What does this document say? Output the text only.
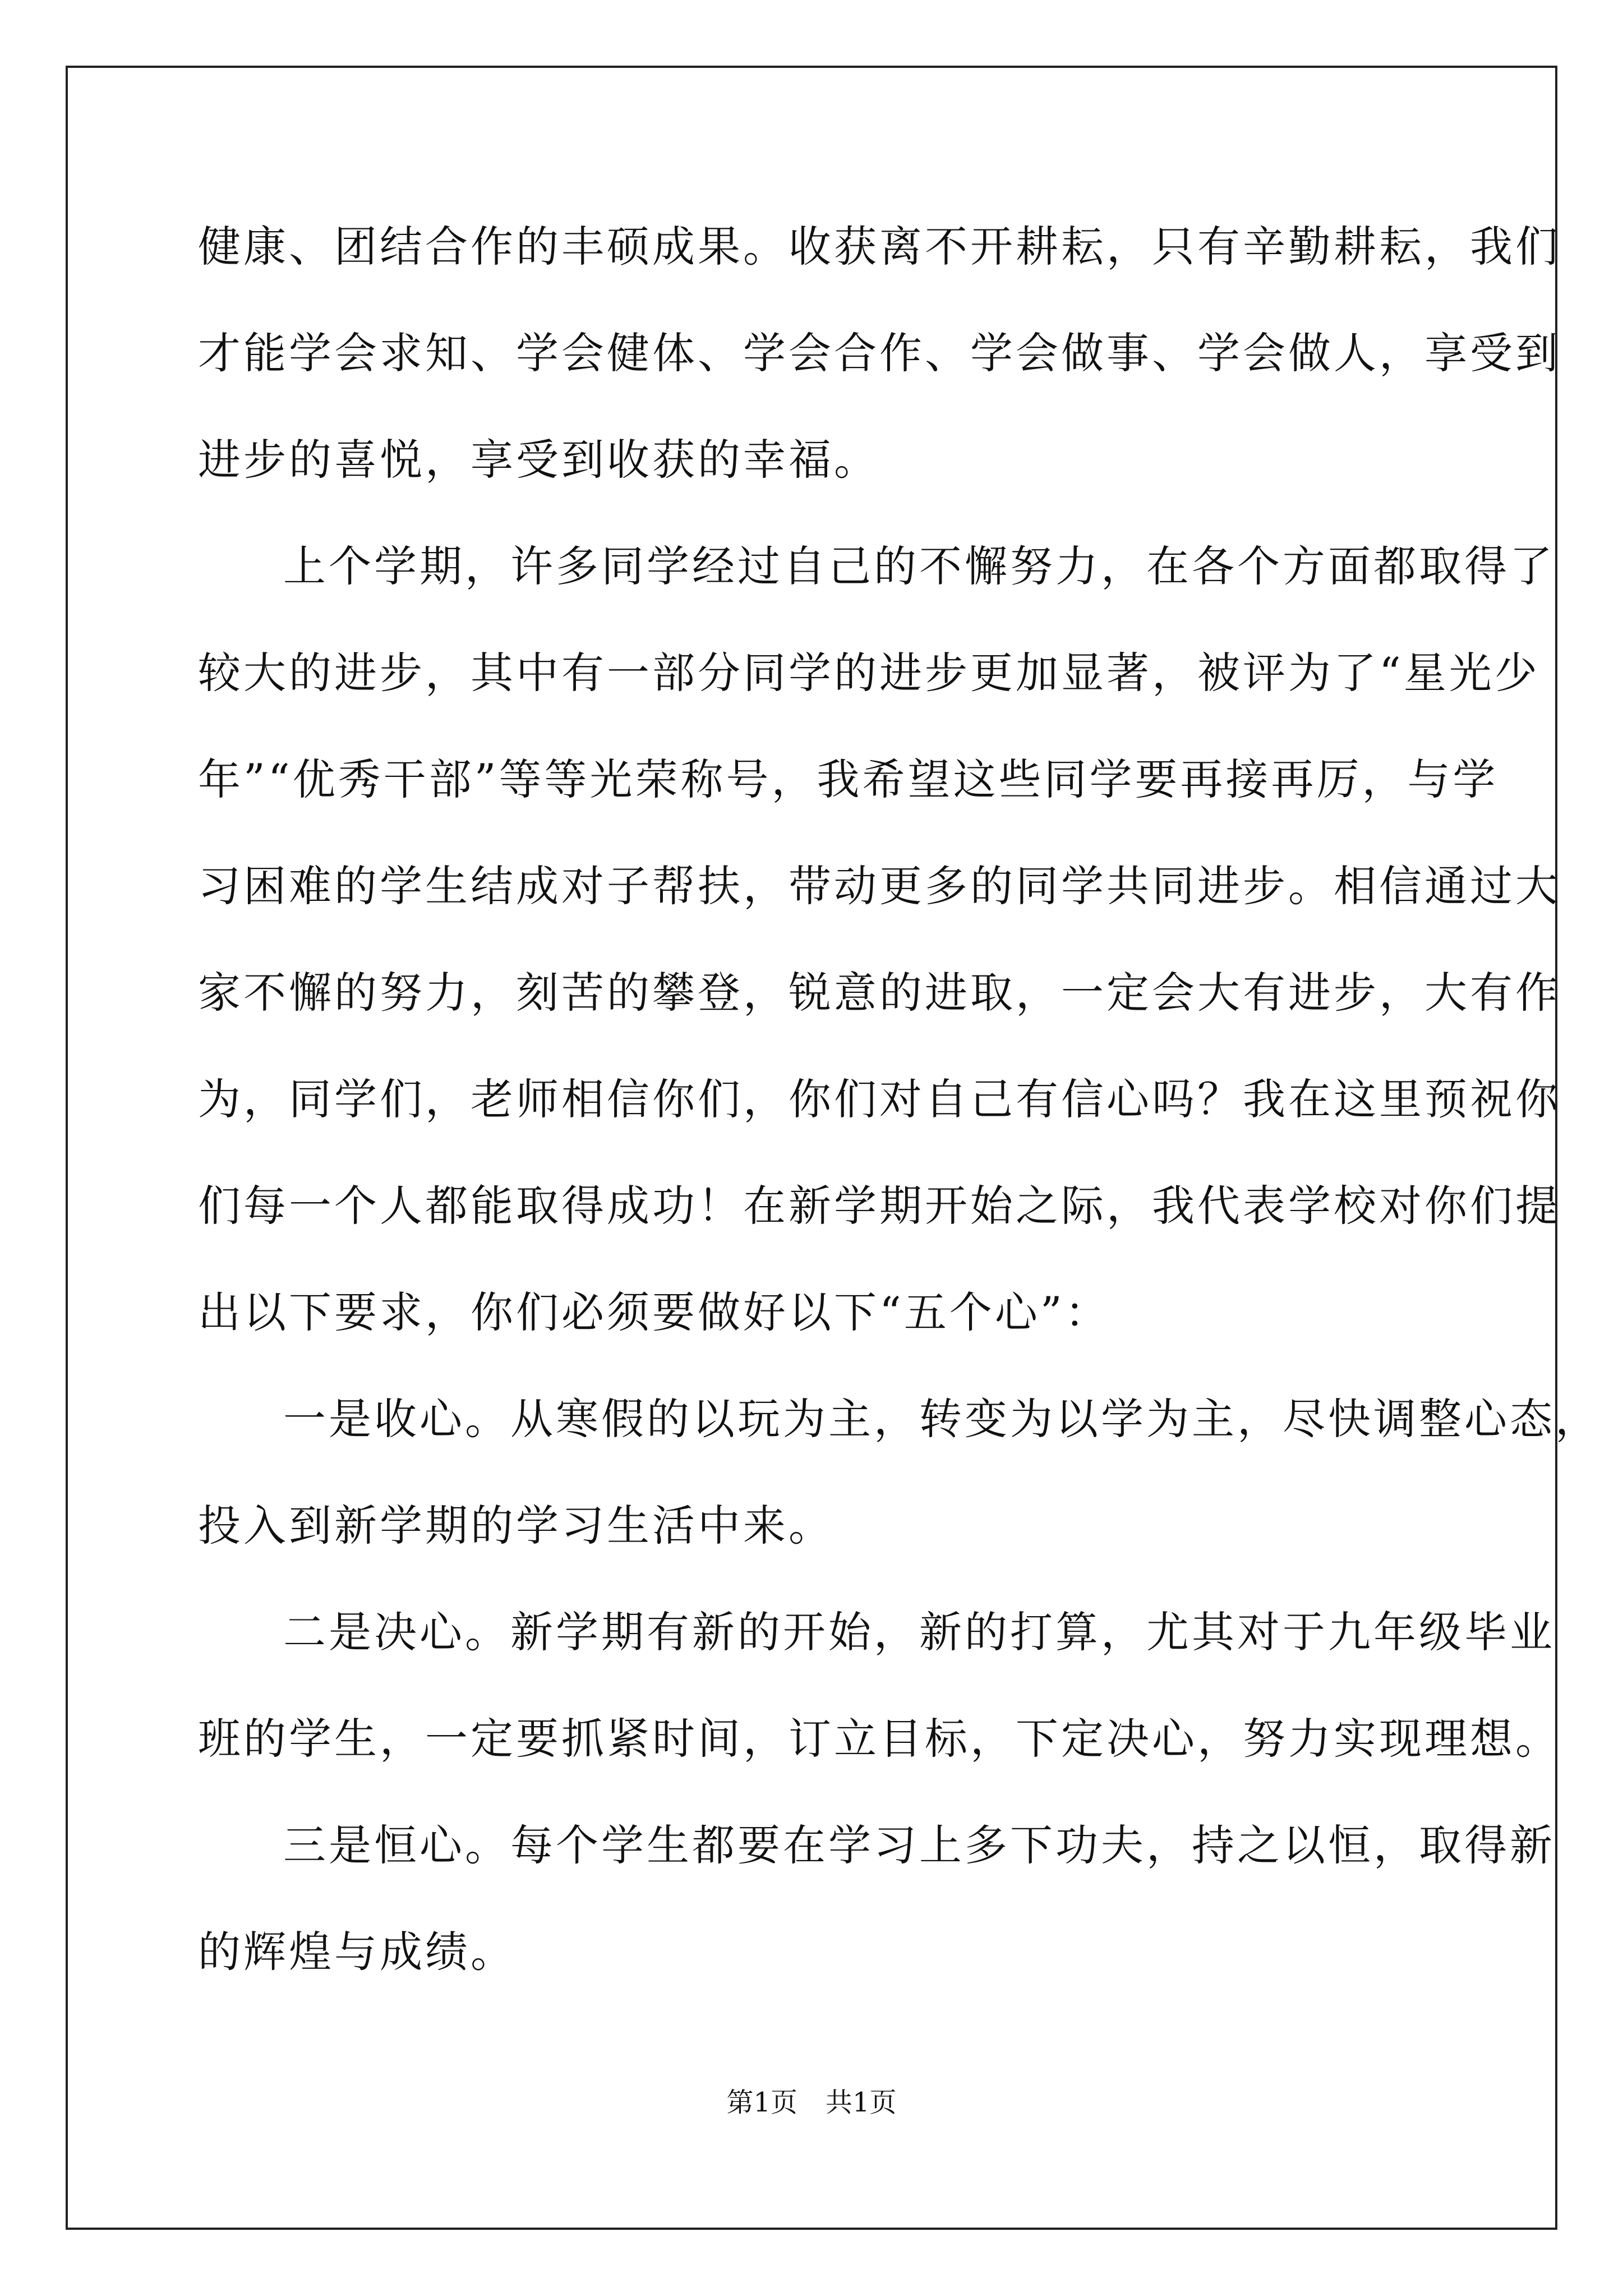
健康、团结合作的丰硕成果。收获离不开耕耘，只有辛勤耕耘，我们
才能学会求知、学会健体、学会合作、学会做事、学会做人，享受到
进步的喜悦，享受到收获的幸福。
上个学期，许多同学经过自己的不懈努力，在各个方面都取得了
较大的进步，其中有一部分同学的进步更加显著，被评为了“星光少
年”“优秀干部”等等光荣称号，我希望这些同学要再接再厉，与学
习困难的学生结成对子帮扶，带动更多的同学共同进步。相信通过大
家不懈的努力，刻苦的攀登，锐意的进取，一定会大有进步，大有作
为，同学们，老师相信你们，你们对自己有信心吗？我在这里预祝你
们每一个人都能取得成功！在新学期开始之际，我代表学校对你们提
出以下要求，你们必须要做好以下“五个心”：
一是收心。从寒假的以玩为主，转变为以学为主，尽快调整心态，
投入到新学期的学习生活中来。
二是决心。新学期有新的开始，新的打算，尤其对于九年级毕业
班的学生，一定要抓紧时间，订立目标，下定决心，努力实现理想。
三是恒心。每个学生都要在学习上多下功夫，持之以恒，取得新
的辉煌与成绩。
第1页 共1页
